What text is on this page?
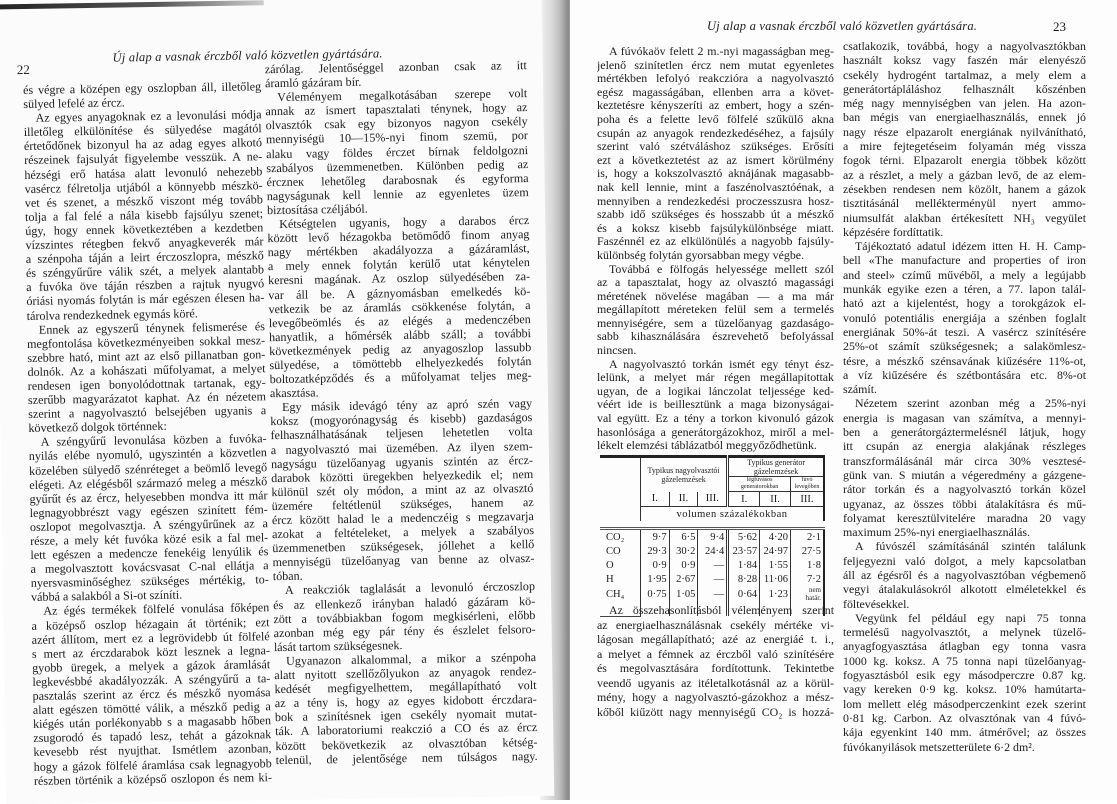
22
Új alap a vasnak érczből való közvetlen gyártására.
és végre a középen egy oszlopban áll, illetőleg
sülyed lefelé az ércz.
Az egyes anyagoknak ez a levonulási módja
illetőleg elkülönítése és sülyedése magától
értetődőnek bizonyul ha az adag egyes alkotó
részeinek fajsulyát figyelembe vesszük. A ne-
hézségi erő hatása alatt levonuló nehezebb
vasércz félretolja utjából a könnyebb mészkö-
vet és szenet, a mészkő viszont még tovább
tolja a fal felé a nála kisebb fajsúlyu szenet;
úgy, hogy ennek következtében a kezdetben
vízszintes rétegben fekvő anyagkeverék már
a szénpoha táján a leirt érczoszlopra, mészkő
és széngyűrűre válik szét, a melyek alantabb
a fuvóka öve táján részben a rajtuk nyugvó
óriási nyomás folytán is már egészen élesen ha-
tárolva rendezkednek egymás köré.
Ennek az egyszerű ténynek felismerése és
megfontolása következményeiben sokkal mesz-
szebbre ható, mint azt az első pillanatban gon-
dolnók. Az a kohászati műfolyamat, a melyet
rendesen igen bonyolódottnak tartanak, egy-
szerűbb magyarázatot kaphat. Az én nézetem
szerint a nagyolvasztó belsejében ugyanis a
következő dolgok történnek:
A széngyűrű levonulása közben a fuvóka-
nyilás elébe nyomuló, ugyszintén a közvetlen
közelében sülyedő szénréteget a beömlő levegő
elégeti. Az elégésből származó meleg a mészkő
gyűrűt és az ércz, helyesebben mondva itt már
legnagyobbrészt vagy egészen szinített fém-
oszlopot megolvasztja. A széngyűrűnek az a
része, a mely két fuvóka közé esik a fal mel-
lett egészen a medencze fenekéig lenyúlik és
a megolvasztott kovácsvasat C-nal ellátja a
nyersvasminőséghez szükséges mértékig, to-
vábbá a salakból a Si-ot színíti.
Az égés termékek fölfelé vonulása főképen
a középső oszlop hézagain át történik; ezt
azért állítom, mert ez a legrövidebb út fölfelé
s mert az érczdarabok közt lesznek a legna-
gyobb üregek, a melyek a gázok áramlását
legkevésbbé akadályozzák. A széngyűrű a ta-
pasztalás szerint az ércz és mészkő nyomása
alatt egészen tömötté válik, a mészkő pedig a
kiégés után porlékonyabb s a magasabb hőben
zsugorodó és tapadó lesz, tehát a gázoknak
kevesebb rést nyujthat. Ismétlem azonban,
hogy a gázok fölfelé áramlása csak legnagyobb
részben történik a középső oszlopon és nem ki-
zárólag. Jelentőséggel azonban csak az itt
áramló gázáram bír.
Véleményem megalkotásában szerepe volt
annak az ismert tapasztalati ténynek, hogy az
olvasztók csak egy bizonyos nagyon csekély
mennyiségü 10—15%-nyi finom szemü, por
alaku vagy földes érczet bírnak feldolgozni
szabályos üzemmenetben. Különben pedig az
érczneк lehetőleg darabosnak és egyforma
nagyságunak kell lennie az egyenletes üzem
biztosítása czéljából.
Kétségtelen ugyanis, hogy a darabos ércz
között levő hézagokba betömődő finom anyag
nagy mértékben akadályozza a gázáramlást,
a mely ennek folytán kerülő utat kénytelen
keresni magának. Az oszlop sülyedésében za-
var áll be. A gáznyomásban emelkedés kö-
vetkezik be az áramlás csökkenése folytán, a
levegőbeömlés és az elégés a medenczében
hanyatlik, a hőmérsék alább száll; a további
következmények pedig az anyagoszlop lassubb
sülyedése, a tömöttebb elhelyezkedés folytán
boltozatképződés és a műfolyamat teljes meg-
akasztása.
Egy másik idevágó tény az apró szén vagy
koksz (mogyorónagyság és kisebb) gazdaságos
felhasználhatásának teljesen lehetetlen volta
a nagyolvasztó mai üzemében. Az ilyen szem-
nagyságu tüzelőanyag ugyanis szintén az ércz-
darabok közötti üregekben helyezkedik el; nem
különül szét oly módon, a mint az az olvasztó
üzemére feltétlenül szükséges, hanem az
ércz között halad le a medenczéig s megzavarja
azokat a feltételeket, a melyek a szabályos
üzemmenetben szükségesek, jóllehet a kellő
mennyiségü tüzelőanyag van benne az olvasz-
tóban.
A reakcziók taglalását a levonuló érczoszlop
és az ellenkező irányban haladó gázáram kö-
zött a továbbiakban fogom megkisérleni, előbb
azonban még egy pár tény és észlelet felsoro-
lását tartom szükségesnek.
Ugyanazon alkalommal, a mikor a szénpoha
alatt nyitott szellőzőlyukon az anyagok rendez-
kedését megfigyelhettem, megállapítható volt
az a tény is, hogy az egyes kidobott érczdara-
bok a szinítésnek igen csekély nyomait mutat-
ták. A laboratoriumi reakczió a CO és az ércz
között bekövetkezik az olvasztóban kétség-
telenül, de jelentősége nem túlságos nagy.
Uj alap a vasnak érczből való közvetlen gyártására.	23
A fúvókaöv felett 2 m.-nyi magasságban meg-
jelenő szinítetlen ércz nem mutat egyenletes
mértékben lefolyó reakczióra a nagyolvasztó
egész magasságában, ellenben arra a követ-
keztetésre kényszeríti az embert, hogy a szén-
poha és a felette levő fölfelé szűkülő akna
csupán az anyagok rendezkedéséhez, a fajsúly
szerint való szétváláshoz szükséges. Erősíti
ezt a következtetést az az ismert körülmény
is, hogy a kokszolvasztó aknájának magasabb-
nak kell lennie, mint a faszénolvasztóénak, a
mennyiben a rendezkedési proczesszusra hosz-
szabb idő szükséges és hosszabb út a mészkő
és a koksz kisebb fajsúlykülönbsége miatt.
Faszénnél ez az elkülönülés a nagyobb fajsúly-
különbség folytán gyorsabban megy végbe.
Továbbá e fölfogás helyessége mellett szól
az a tapasztalat, hogy az olvasztó magassági
méretének növelése magában — a ma már
megállapított méreteken felül sem a termelés
mennyiségére, sem a tüzelőanyag gazdaságo-
sabb kihasználására észrevehető befolyással
nincsen.
A nagyolvasztó torkán ismét egy tényt ész-
lelünk, a melyet már régen megállapitottak
ugyan, de a logikai lánczolat teljessége ked-
véért ide is beillesztünk a maga bizonyságai-
val együtt. Ez a tény a torkon kivonuló gázok
hasonlósága a generátorgázokhoz, miről a mel-
lékelt elemzési táblázatból meggyőződhetünk.
	Typikus nagyolvasztói gázelemzések			Typikus generátor gázelemzések		
				légfúvásos generatorokban		fúvó levegőben
	I.	II.	III.	I.	II.	III.
	volumen százalékokban					

CO₂	9·7	6·5	9·4	5·62	4·20	2·1
CO	29·3	30·2	24·4	23·57	24·97	27·5
O	0·9	0·9	—	1·84	1·55	1·8
H	1·95	2·67	—	8·28	11·06	7·2
CH₄	0·75	1·05	—	0·64	1·23	nem határ.

Az összehasonlításból véleményem szerint
az energiaelhasználásnak csekély mértéke vi-
lágosan megállapítható; azé az energiáé t. i.,
a melyet a fémnek az érczből való szinítésére
és megolvasztására fordítottunk. Tekintetbe
veendő ugyanis az itéletalkotásnál az a körül-
mény, hogy a nagyolvasztó-gázokhoz a mész-
kőből kiűzött nagy mennyiségű CO₂ is hozzá-
csatlakozik, továbbá, hogy a nagyolvasztókban
használt koksz vagy faszén már elenyésző
csekély hydrogént tartalmaz, a mely elem a
generátortápláláshoz felhasznált kőszénben
még nagy mennyiségben van jelen. Ha azon-
ban mégis van energiaelhasználás, ennek jó
nagy része elpazarolt energiának nyilvánítható,
a mire fejtegetéseim folyamán még vissza
fogok térni. Elpazarolt energia többek között
az a részlet, a mely a gázban levő, de az elem-
zésekben rendesen nem közölt, hanem a gázok
tisztitásánál mellékterményül nyert ammo-
niumsulfát alakban értékesített NH₃ vegyület
képzésére fordíttatik.
Tájékoztató adatul idézem itten H. H. Camp-
bell «The manufacture and properties of iron
and steel» czímű művéből, a mely a legújabb
munkák egyike ezen a téren, a 77. lapon talál-
ható azt a kijelentést, hogy a torokgázok el-
vonuló potentiális energiája a szénben foglalt
energiának 50%-át teszi. A vasércz szinítésére
25%-ot számít szükségesnek; a salakömlesz-
tésre, a mészkő szénsavának kiűzésére 11%-ot,
a víz kiűzésére és szétbontására etc. 8%-ot
számít.
Nézetem szerint azonban még a 25%-nyi
energia is magasan van számítva, a mennyi-
ben a generátorgáztermelésnél látjuk, hogy
itt csupán az energia alakjának részleges
transzformálásánál már circa 30% vesztesé-
günk van. S miután a végeredmény a gázgene-
rátor torkán és a nagyolvasztó torkán közel
ugyanaz, az összes többi átalakításra és mű-
folyamat keresztülvitelére maradna 20 vagy
maximum 25%-nyi energiaelhasználás.
A fúvószél számításánál szintén találunk
feljegyezni való dolgot, a mely kapcsolatban
áll az égésről és a nagyolvasztóban végbemenő
vegyi átalakulásokról alkotott elméletekkel és
föltevésekkel.
Vegyünk fel például egy napi 75 tonna
termelésű nagyolvasztót, a melynek tüzelő-
anyagfogyasztása átlagban egy tonna vasra
1000 kg. koksz. A 75 tonna napi tüzelőanyag-
fogyasztásból esik egy másodperczre 0.87 kg.
vagy kereken 0·9 kg. koksz. 10% hamútarta-
lom mellett elég másodperczenkint ezek szerint
0·81 kg. Carbon. Az olvasztónak van 4 fúvó-
kája egyenkint 140 mm. átmérővel; az összes
fúvókanyilások metszetterülete 6·2 dm².
